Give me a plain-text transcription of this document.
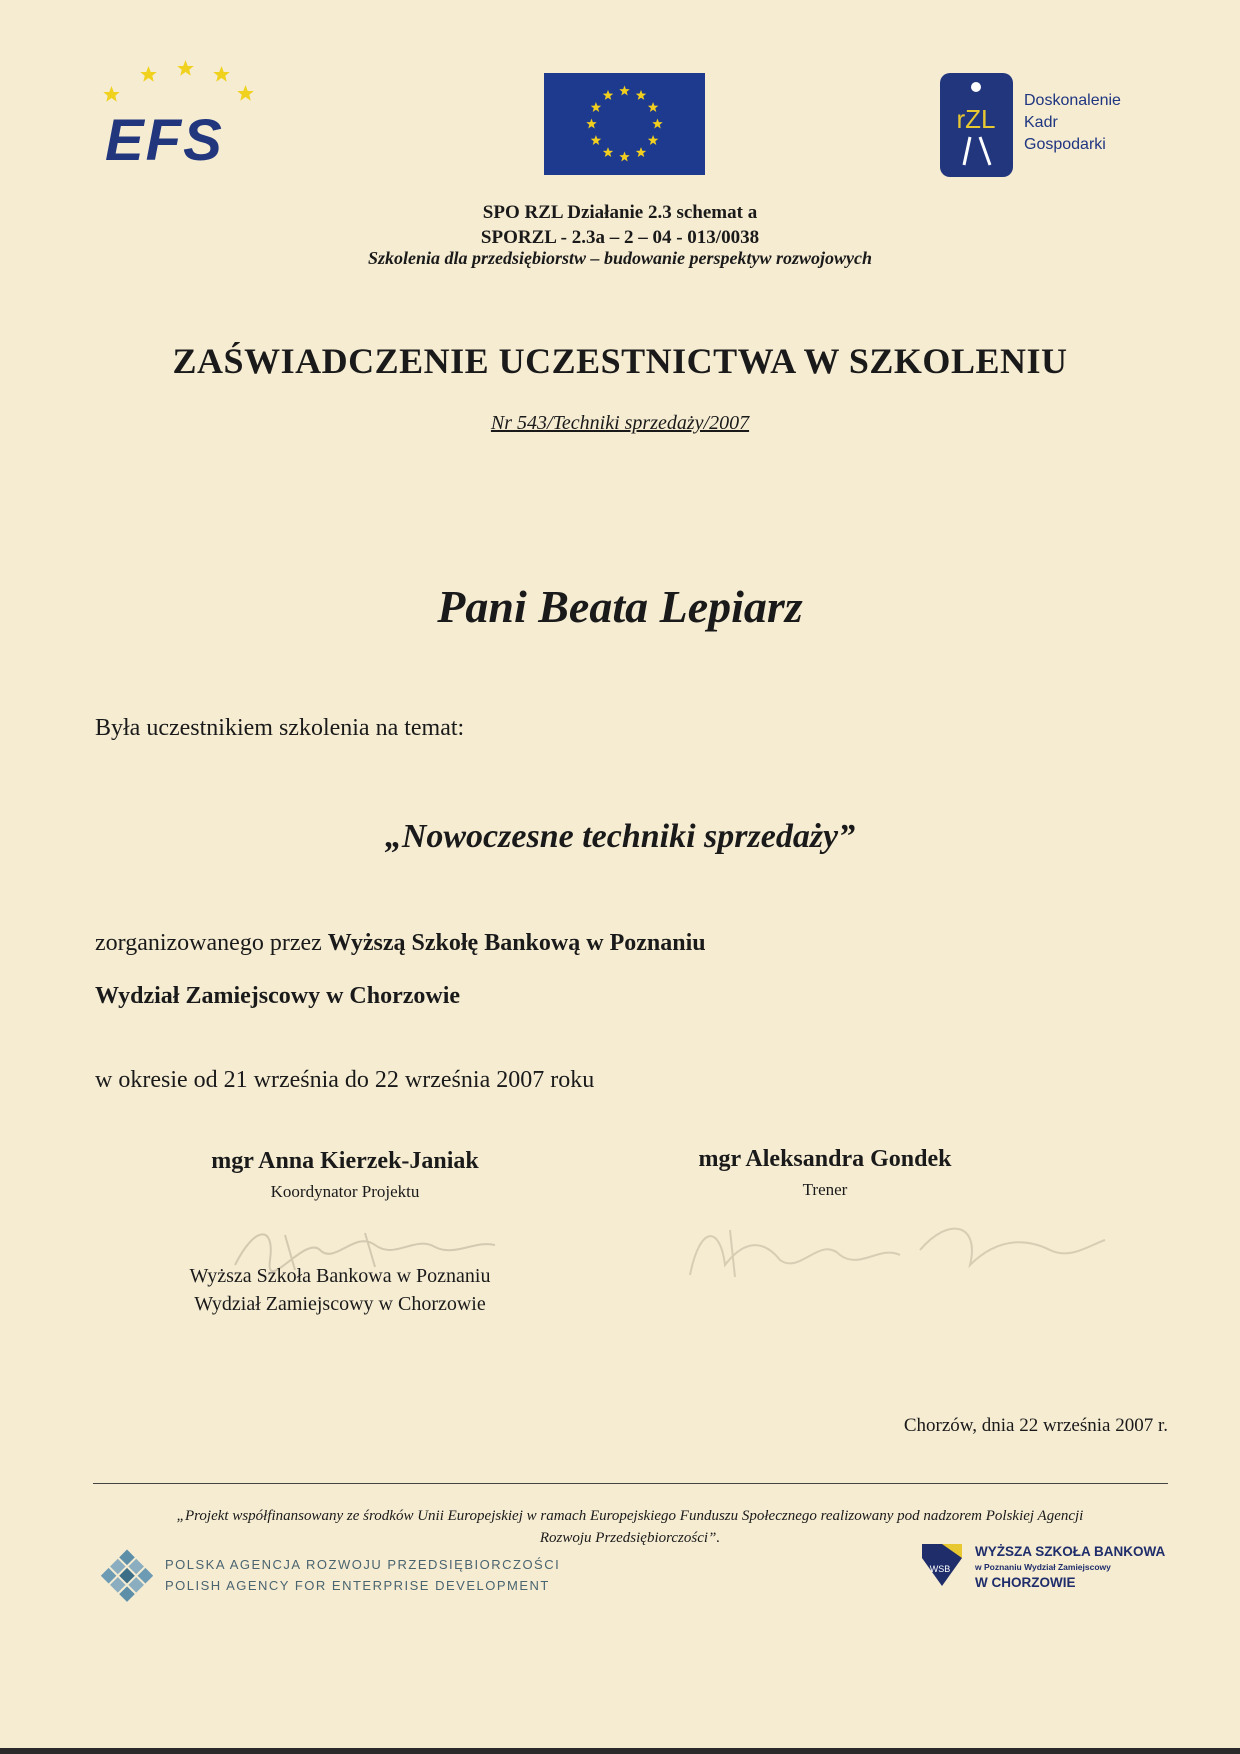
EFS	rZL
Doskonalenie
Kadr
Gospodarki
SPO RZL Działanie 2.3 schemat a
SPORZL - 2.3a – 2 – 04 - 013/0038
Szkolenia dla przedsiębiorstw – budowanie perspektyw rozwojowych
ZAŚWIADCZENIE UCZESTNICTWA W SZKOLENIU
Nr 543/Techniki sprzedaży/2007
Pani Beata Lepiarz
Była uczestnikiem szkolenia na temat:
„Nowoczesne techniki sprzedaży”
zorganizowanego przez Wyższą Szkołę Bankową w Poznaniu
Wydział Zamiejscowy w Chorzowie
w okresie od 21 września do 22 września 2007 roku
mgr Anna Kierzek-Janiak
Koordynator Projektu
mgr Aleksandra Gondek
Trener
Wyższa Szkoła Bankowa w Poznaniu
Wydział Zamiejscowy w Chorzowie
Chorzów, dnia 22 września 2007 r.
„Projekt współfinansowany ze środków Unii Europejskiej w ramach Europejskiego Funduszu Społecznego realizowany pod nadzorem Polskiej Agencji
Rozwoju Przedsiębiorczości”.
POLSKA AGENCJA ROZWOJU PRZEDSIĘBIORCZOŚCI
POLISH AGENCY FOR ENTERPRISE DEVELOPMENT
WSB
WYŻSZA SZKOŁA BANKOWA
w Poznaniu Wydział Zamiejscowy
W CHORZOWIE
